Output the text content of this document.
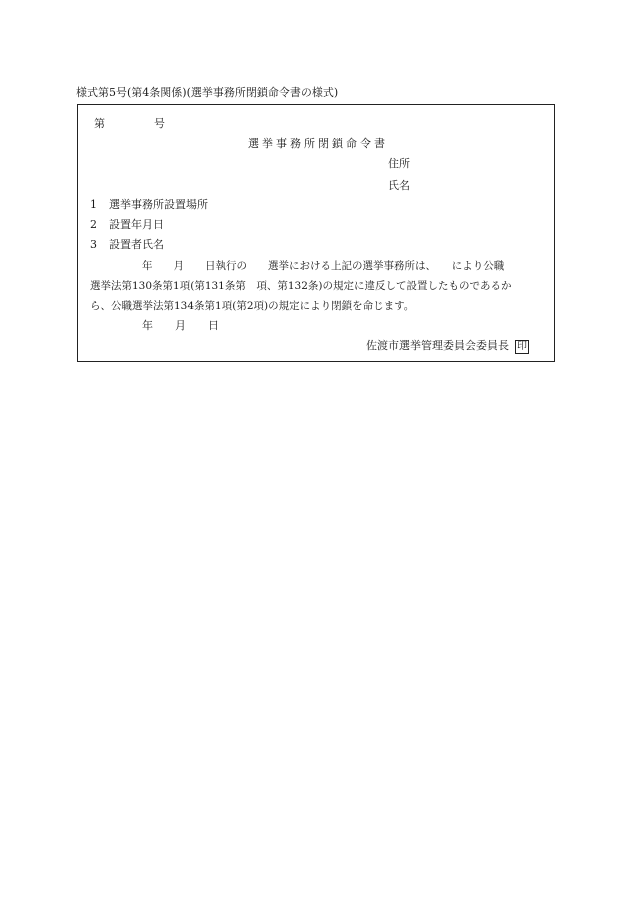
様式第5号(第4条関係)(選挙事務所閉鎖命令書の様式)
第	号
選挙事務所閉鎖命令書
住所
氏名
1 選挙事務所設置場所
2 設置年月日
3 設置者氏名
年　　月　　日執行の　　選挙における上記の選挙事務所は、　　により公職
選挙法第130条第1項(第131条第　項、第132条)の規定に違反して設置したものであるか
ら、公職選挙法第134条第1項(第2項)の規定により閉鎖を命じます。
年　　月　　日
佐渡市選挙管理委員会委員長 印
